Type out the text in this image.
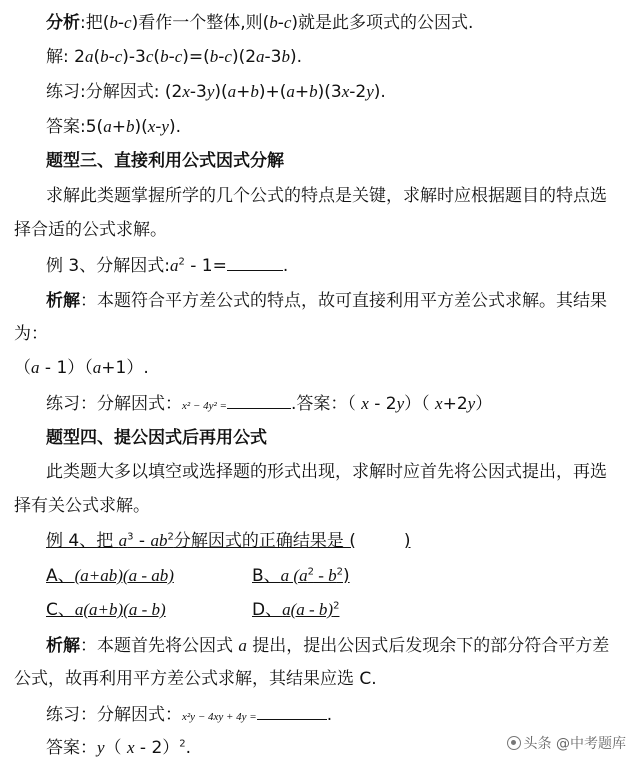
分析:把(b-c)看作一个整体,则(b-c)就是此多项式的公因式.
解: 2a(b-c)-3c(b-c)=(b-c)(2a-3b).
练习:分解因式: (2x-3y)(a+b)+(a+b)(3x-2y).
答案:5(a+b)(x-y).
题型三、直接利用公式因式分解
求解此类题掌握所学的几个公式的特点是关键，求解时应根据题目的特点选
择合适的公式求解。
例 3、分解因式$:a^2 - 1=$	.
析解：本题符合平方差公式的特点，故可直接利用平方差公式求解。其结果
为：
（a - 1）（a+1）.
练习：分解因式：x² − 4y² =	.答案：（ x - 2y）（ x+2y）
题型四、提公因式后再用公式
此类题大多以填空或选择题的形式出现，求解时应首先将公因式提出，再选
择有关公式求解。
例 4、把 $a^3 - ab^2$分解因式的正确结果是 (	)
A、(a+ab)(a - ab)	B、a $(a^2 - b^2)$
C、a(a+b)(a - b)	D、a(a - b)$^2$
析解：本题首先将公因式 a 提出，提出公因式后发现余下的部分符合平方差
公式，故再利用平方差公式求解，其结果应选 C.
练习：分解因式：x²y − 4xy + 4y =	.
答案：y（ x - 2）$^2$.	头条 @中考题库
